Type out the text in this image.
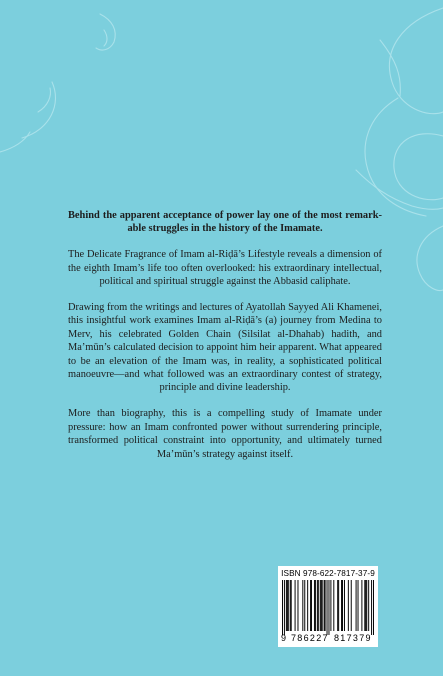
Behind the apparent acceptance of power lay one of the most remarkable struggles in the history of the Imamate.

The Delicate Fragrance of Imam al-Riḍā’s Lifestyle reveals a dimension of the eighth Imam’s life too often overlooked: his extraordinary intellectual, political and spiritual struggle against the Abbasid caliphate.

Drawing from the writings and lectures of Ayatollah Sayyed Ali Khamenei, this insightful work examines Imam al-Riḍā’s (a) journey from Medina to Merv, his celebrated Golden Chain (Silsilat al-Dhahab) hadith, and Ma’mūn’s calculated decision to appoint him heir apparent. What appeared to be an elevation of the Imam was, in reality, a sophisticated political manoeuvre—and what followed was an extraordinary contest of strategy, principle and divine leadership.

More than biography, this is a compelling study of Imamate under pressure: how an Imam confronted power without surrendering principle, transformed political constraint into opportunity, and ultimately turned Ma’mūn’s strategy against itself.

ISBN 978-622-7817-37-9
9 786227 817379
